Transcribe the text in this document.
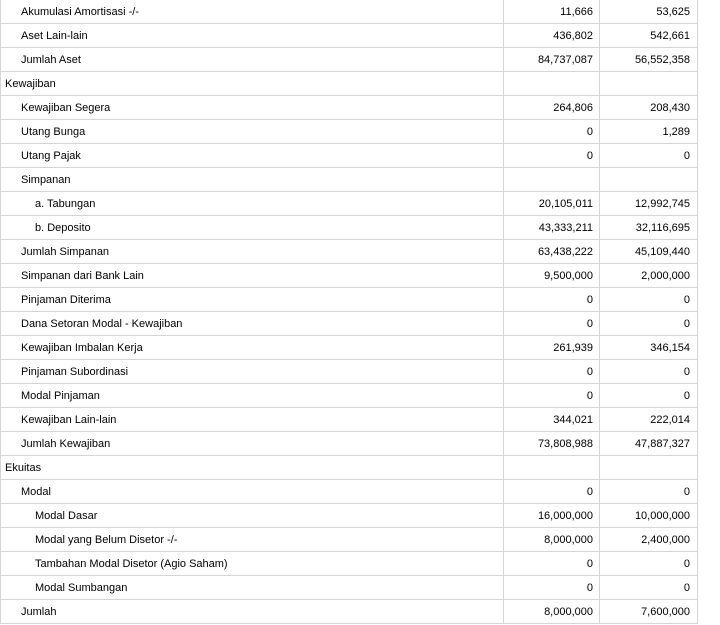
Akumulasi Amortisasi -/-	11,666	53,625
Aset Lain-lain	436,802	542,661
Jumlah Aset	84,737,087	56,552,358
Kewajiban
Kewajiban Segera	264,806	208,430
Utang Bunga	0	1,289
Utang Pajak	0	0
Simpanan
a. Tabungan	20,105,011	12,992,745
b. Deposito	43,333,211	32,116,695
Jumlah Simpanan	63,438,222	45,109,440
Simpanan dari Bank Lain	9,500,000	2,000,000
Pinjaman Diterima	0	0
Dana Setoran Modal - Kewajiban	0	0
Kewajiban Imbalan Kerja	261,939	346,154
Pinjaman Subordinasi	0	0
Modal Pinjaman	0	0
Kewajiban Lain-lain	344,021	222,014
Jumlah Kewajiban	73,808,988	47,887,327
Ekuitas
Modal	0	0
Modal Dasar	16,000,000	10,000,000
Modal yang Belum Disetor -/-	8,000,000	2,400,000
Tambahan Modal Disetor (Agio Saham)	0	0
Modal Sumbangan	0	0
Jumlah	8,000,000	7,600,000
